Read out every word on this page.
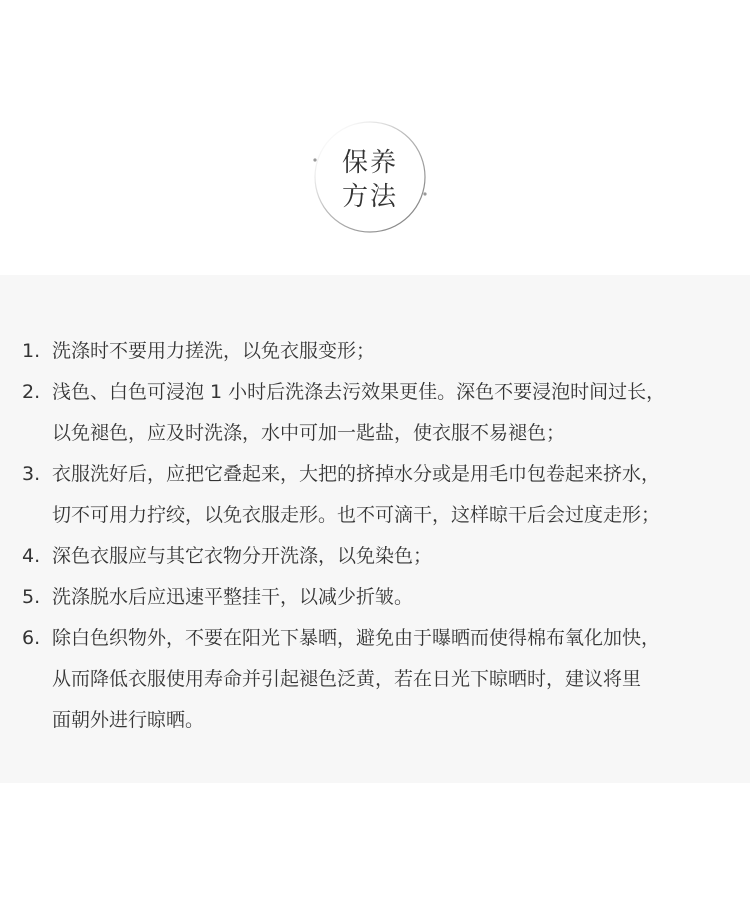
保养
方法
1. 洗涤时不要用力搓洗，以免衣服变形；
2. 浅色、白色可浸泡 1 小时后洗涤去污效果更佳。深色不要浸泡时间过长，
以免褪色，应及时洗涤，水中可加一匙盐，使衣服不易褪色；
3. 衣服洗好后，应把它叠起来，大把的挤掉水分或是用毛巾包卷起来挤水，
切不可用力拧绞，以免衣服走形。也不可滴干，这样晾干后会过度走形；
4. 深色衣服应与其它衣物分开洗涤，以免染色；
5. 洗涤脱水后应迅速平整挂干，以减少折皱。
6. 除白色织物外，不要在阳光下暴晒，避免由于曝晒而使得棉布氧化加快，
从而降低衣服使用寿命并引起褪色泛黄，若在日光下晾晒时，建议将里
面朝外进行晾晒。
